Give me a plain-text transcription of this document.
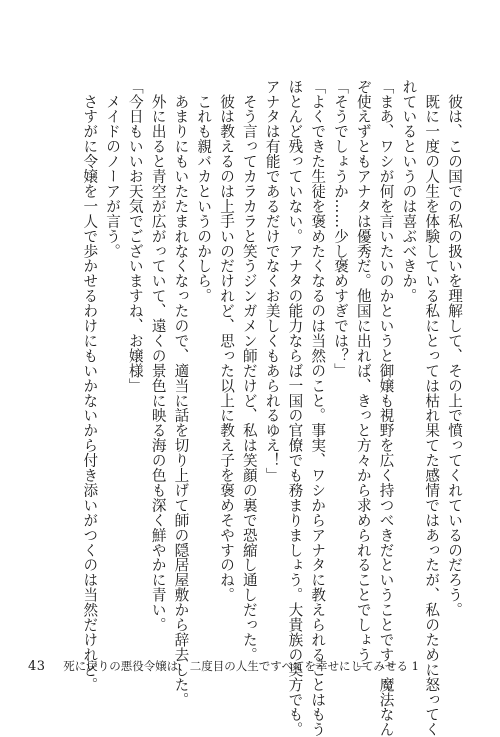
　彼は、この国での私の扱いを理解して、その上で憤ってくれているのだろう。

　既に一度の人生を体験している私にとっては枯れ果てた感情ではあったが、私のために怒ってく

れているというのは喜ぶべきか。

「まあ、ワシが何を言いたいのかというと御嬢も視野を広く持つべきだということです。魔法なん

ぞ使えずともアナタは優秀だ。他国に出れば、きっと方々から求められることでしょう」

「そうでしょうか……少し褒めすぎでは？」

「よくできた生徒を褒めたくなるのは当然のこと。事実、ワシからアナタに教えられることはもう

ほとんど残っていない。アナタの能力ならば一国の官僚でも務まりましょう。大貴族の奥方でも。

アナタは有能であるだけでなくお美しくもあられるゆえ！」

　そう言ってカラカラと笑うジンガメン師だけど、私は笑顔の裏で恐縮し通しだった。

　彼は教えるのは上手いのだけれど、思った以上に教え子を褒めそやすのね。

　これも親バカというのかしら。

　あまりにもいたたまれなくなったので、適当に話を切り上げて師の隠居屋敷から辞去した。

　外に出ると青空が広がっていて、遠くの景色に映る海の色も深く鮮やかに青い。

「今日もいいお天気でございますね、お嬢様」

　メイドのノーアが言う。

　さすがに令嬢を一人で歩かせるわけにもいかないから付き添いがつくのは当然だけれど。

43 死に戻りの悪役令嬢は、二度目の人生ですべてを幸せにしてみせる 1
